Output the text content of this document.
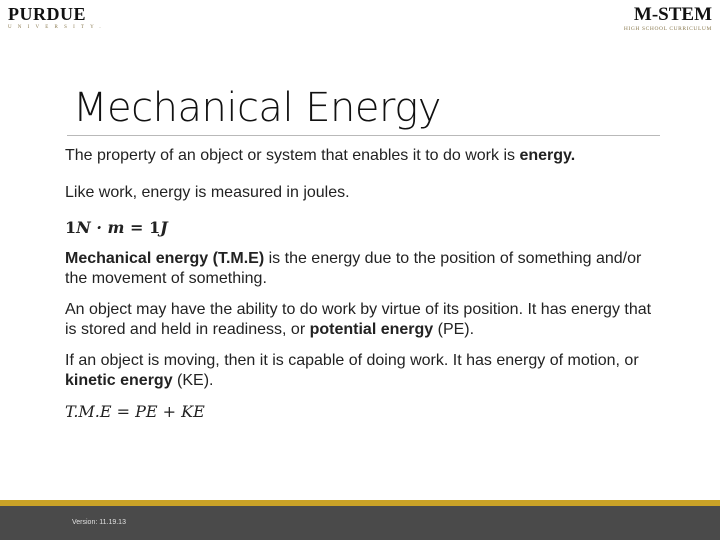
PURDUE
UNIVERSITY.
M-STEM
HIGH SCHOOL CURRICULUM
Mechanical Energy

The property of an object or system that enables it to do work is energy.

Like work, energy is measured in joules.

1N · m = 1J

Mechanical energy (T.M.E) is the energy due to the position of something and/or the movement of something.

An object may have the ability to do work by virtue of its position. It has energy that is stored and held in readiness, or potential energy (PE).

If an object is moving, then it is capable of doing work. It has energy of motion, or kinetic energy (KE).

T.M.E = PE + KE

Version: 11.19.13
